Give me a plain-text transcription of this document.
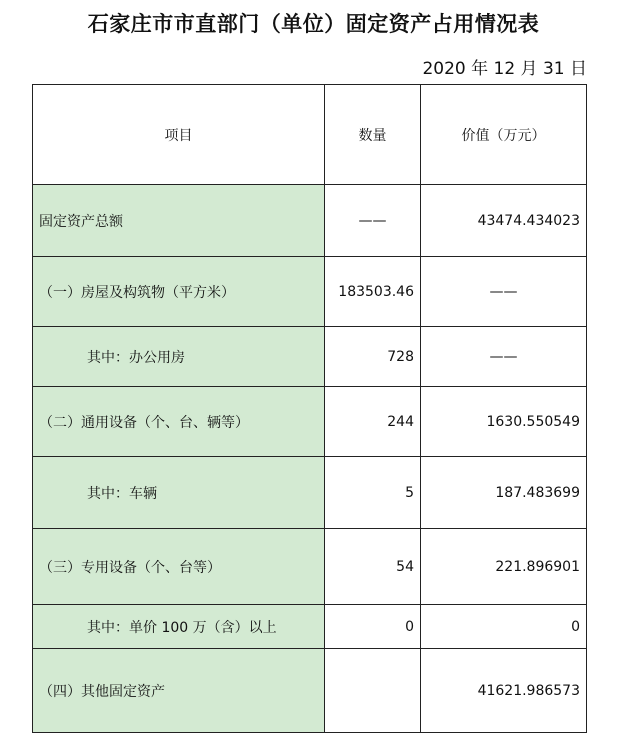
石家庄市市直部门（单位）固定资产占用情况表
2020 年 12 月 31 日
项目	数量	价值（万元）
固定资产总额	——	43474.434023
（一）房屋及构筑物（平方米）	183503.46	——
其中：办公用房	728	——
（二）通用设备（个、台、辆等）	244	1630.550549
其中：车辆	5	187.483699
（三）专用设备（个、台等）	54	221.896901
其中：单价 100 万（含）以上	0	0
（四）其他固定资产		41621.986573
